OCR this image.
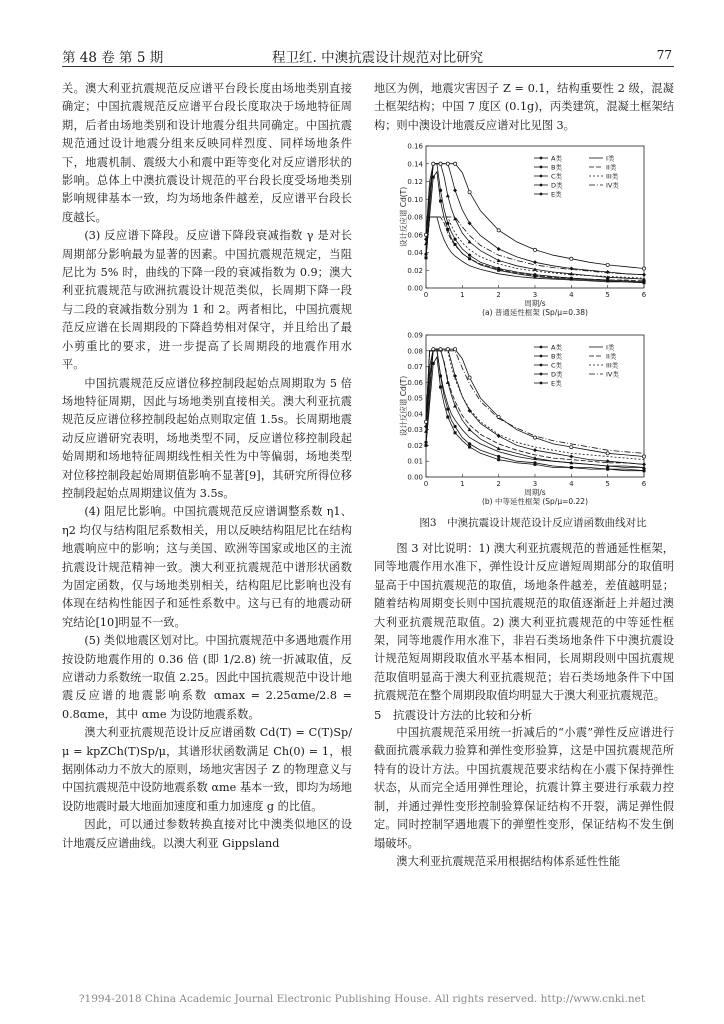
第 48 卷 第 5 期	程卫红. 中澳抗震设计规范对比研究	77

关。澳大利亚抗震规范反应谱平台段长度由场地类别直接确定；中国抗震规范反应谱平台段长度取决于场地特征周期，后者由场地类别和设计地震分组共同确定。中国抗震规范通过设计地震分组来反映同样烈度、同样场地条件下，地震机制、震级大小和震中距等变化对反应谱形状的影响。总体上中澳抗震设计规范的平台段长度受场地类别影响规律基本一致，均为场地条件越差，反应谱平台段长度越长。

(3) 反应谱下降段。反应谱下降段衰减指数 γ 是对长周期部分影响最为显著的因素。中国抗震规范规定，当阻尼比为 5% 时，曲线的下降一段的衰减指数为 0.9；澳大利亚抗震规范与欧洲抗震设计规范类似，长周期下降一段与二段的衰减指数分别为 1 和 2。两者相比，中国抗震规范反应谱在长周期段的下降趋势相对保守，并且给出了最小剪重比的要求，进一步提高了长周期段的地震作用水平。

中国抗震规范反应谱位移控制段起始点周期取为 5 倍场地特征周期，因此与场地类别直接相关。澳大利亚抗震规范反应谱位移控制段起始点则取定值 1.5s。长周期地震动反应谱研究表明，场地类型不同，反应谱位移控制段起始周期和场地特征周期线性相关性为中等偏弱，场地类型对位移控制段起始周期值影响不显著[9]，其研究所得位移控制段起始点周期建议值为 3.5s。

(4) 阻尼比影响。中国抗震规范反应谱调整系数 η1、η2 均仅与结构阻尼系数相关，用以反映结构阻尼比在结构地震响应中的影响；这与美国、欧洲等国家或地区的主流抗震设计规范精神一致。澳大利亚抗震规范中谱形状函数为固定函数，仅与场地类别相关，结构阻尼比影响也没有体现在结构性能因子和延性系数中。这与已有的地震动研究结论[10]明显不一致。

(5) 类似地震区划对比。中国抗震规范中多遇地震作用按设防地震作用的 0.36 倍 (即 1/2.8) 统一折减取值，反应谱动力系数统一取值 2.25。因此中国抗震规范中设计地震反应谱的地震影响系数 αmax = 2.25αme/2.8 = 0.8αme，其中 αme 为设防地震系数。

澳大利亚抗震规范设计反应谱函数 Cd(T) = C(T)Sp/μ = kpZCh(T)Sp/μ，其谱形状函数满足 Ch(0) = 1，根据刚体动力不放大的原则，场地灾害因子 Z 的物理意义与中国抗震规范中设防地震系数 αme 基本一致，即均为场地设防地震时最大地面加速度和重力加速度 g 的比值。

因此，可以通过参数转换直接对比中澳类似地区的设计地震反应谱曲线。以澳大利亚 Gippsland

地区为例，地震灾害因子 Z = 0.1，结构重要性 2 级，混凝土框架结构；中国 7 度区 (0.1g)，丙类建筑，混凝土框架结构；则中澳设计地震反应谱对比见图 3。

0.00
0.02
0.04
0.06
0.08
0.10
0.12
0.14
0.16
0	1	2	3	4	5	6
周期/s
设计反应谱 Cd(T)
(a) 普通延性框架 (Sp/μ=0.38)
A类
B类
C类
D类
E类
I类
II类
III类
IV类

0.00
0.01
0.02
0.03
0.04
0.05
0.06
0.07
0.08
0.09
0	1	2	3	4	5	6
周期/s
设计反应谱 Cd(T)
(b) 中等延性框架 (Sp/μ=0.22)
A类
B类
C类
D类
E类
I类
II类
III类
IV类
图3　中澳抗震设计规范设计反应谱函数曲线对比

图 3 对比说明：1) 澳大利亚抗震规范的普通延性框架，同等地震作用水准下，弹性设计反应谱短周期部分的取值明显高于中国抗震规范的取值，场地条件越差，差值越明显；随着结构周期变长则中国抗震规范的取值逐渐赶上并超过澳大利亚抗震规范取值。2) 澳大利亚抗震规范的中等延性框架，同等地震作用水准下，非岩石类场地条件下中澳抗震设计规范短周期段取值水平基本相同，长周期段则中国抗震规范取值明显高于澳大利亚抗震规范；岩石类场地条件下中国抗震规范在整个周期段取值均明显大于澳大利亚抗震规范。

5　抗震设计方法的比较和分析

中国抗震规范采用统一折减后的“小震”弹性反应谱进行截面抗震承载力验算和弹性变形验算，这是中国抗震规范所特有的设计方法。中国抗震规范要求结构在小震下保持弹性状态，从而完全适用弹性理论，抗震计算主要进行承载力控制，并通过弹性变形控制验算保证结构不开裂，满足弹性假定。同时控制罕遇地震下的弹塑性变形，保证结构不发生倒塌破坏。

澳大利亚抗震规范采用根据结构体系延性性能

?1994-2018 China Academic Journal Electronic Publishing House. All rights reserved. http://www.cnki.net
